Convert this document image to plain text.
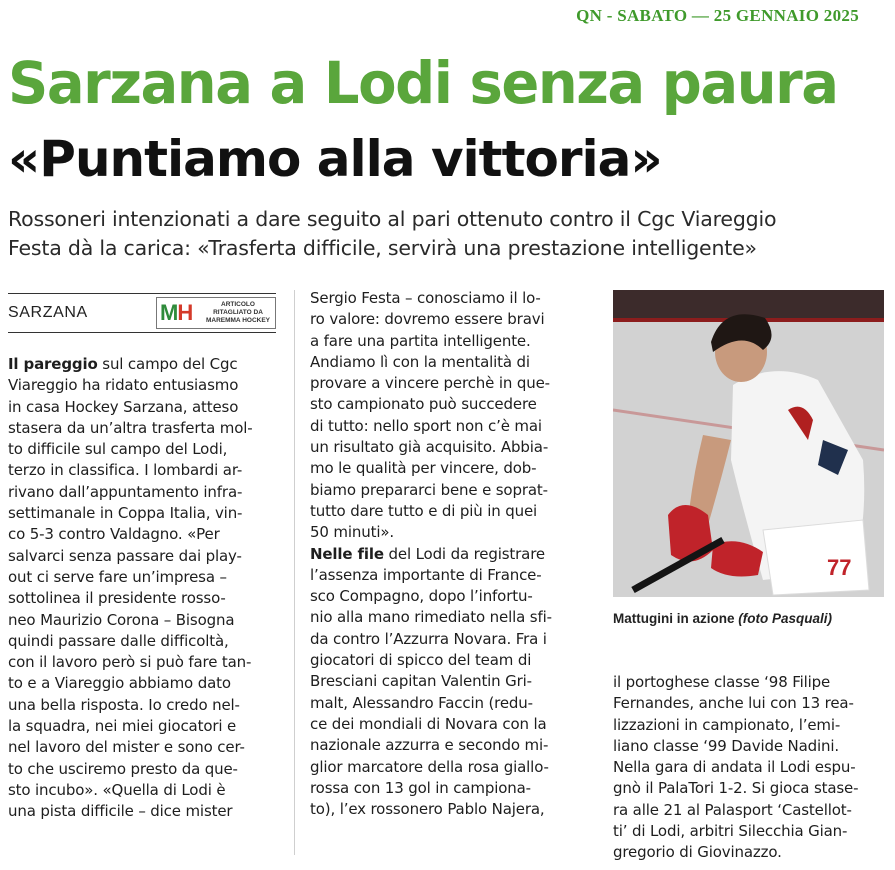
QN - SABATO — 25 GENNAIO 2025
Sarzana a Lodi senza paura
«Puntiamo alla vittoria»
Rossoneri intenzionati a dare seguito al pari ottenuto contro il Cgc Viareggio
Festa dà la carica: «Trasferta difficile, servirà una prestazione intelligente»
SARZANA	MH	ARTICOLO
RITAGLIATO DA
MAREMMA HOCKEY
Il pareggio sul campo del Cgc
Viareggio ha ridato entusiasmo
in casa Hockey Sarzana, atteso
stasera da un’altra trasferta mol-
to difficile sul campo del Lodi,
terzo in classifica. I lombardi ar-
rivano dall’appuntamento infra-
settimanale in Coppa Italia, vin-
co 5-3 contro Valdagno. «Per
salvarci senza passare dai play-
out ci serve fare un’impresa –
sottolinea il presidente rosso-
neo Maurizio Corona – Bisogna
quindi passare dalle difficoltà,
con il lavoro però si può fare tan-
to e a Viareggio abbiamo dato
una bella risposta. Io credo nel-
la squadra, nei miei giocatori e
nel lavoro del mister e sono cer-
to che usciremo presto da que-
sto incubo». «Quella di Lodi è
una pista difficile – dice mister
Sergio Festa – conosciamo il lo-
ro valore: dovremo essere bravi
a fare una partita intelligente.
Andiamo lì con la mentalità di
provare a vincere perchè in que-
sto campionato può succedere
di tutto: nello sport non c’è mai
un risultato già acquisito. Abbia-
mo le qualità per vincere, dob-
biamo prepararci bene e soprat-
tutto dare tutto e di più in quei
50 minuti».
Nelle file del Lodi da registrare
l’assenza importante di France-
sco Compagno, dopo l’infortu-
nio alla mano rimediato nella sfi-
da contro l’Azzurra Novara. Fra i
giocatori di spicco del team di
Bresciani capitan Valentin Gri-
malt, Alessandro Faccin (redu-
ce dei mondiali di Novara con la
nazionale azzurra e secondo mi-
glior marcatore della rosa giallo-
rossa con 13 gol in campiona-
to), l’ex rossonero Pablo Najera,
77
Mattugini in azione (foto Pasquali)
il portoghese classe ‘98 Filipe
Fernandes, anche lui con 13 rea-
lizzazioni in campionato, l’emi-
liano classe ‘99 Davide Nadini.
Nella gara di andata il Lodi espu-
gnò il PalaTori 1-2. Si gioca stase-
ra alle 21 al Palasport ‘Castellot-
ti’ di Lodi, arbitri Silecchia Gian-
gregorio di Giovinazzo.
